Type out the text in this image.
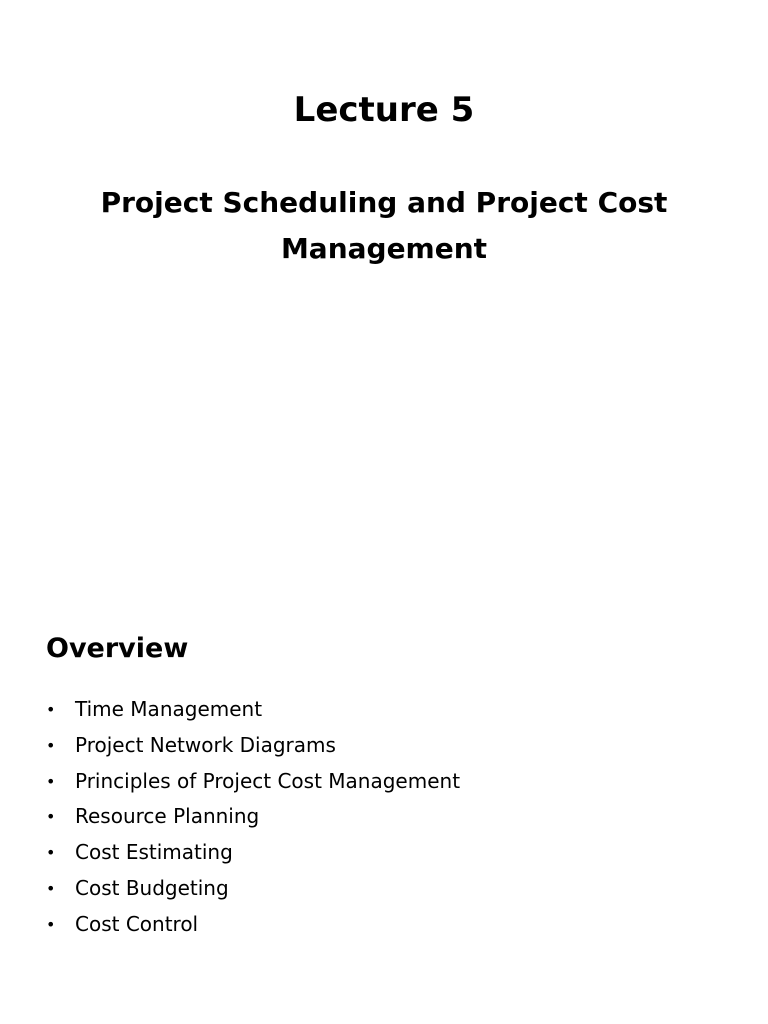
Lecture 5
Project Scheduling and Project Cost
Management
Overview
• Time Management
• Project Network Diagrams
• Principles of Project Cost Management
• Resource Planning
• Cost Estimating
• Cost Budgeting
• Cost Control
